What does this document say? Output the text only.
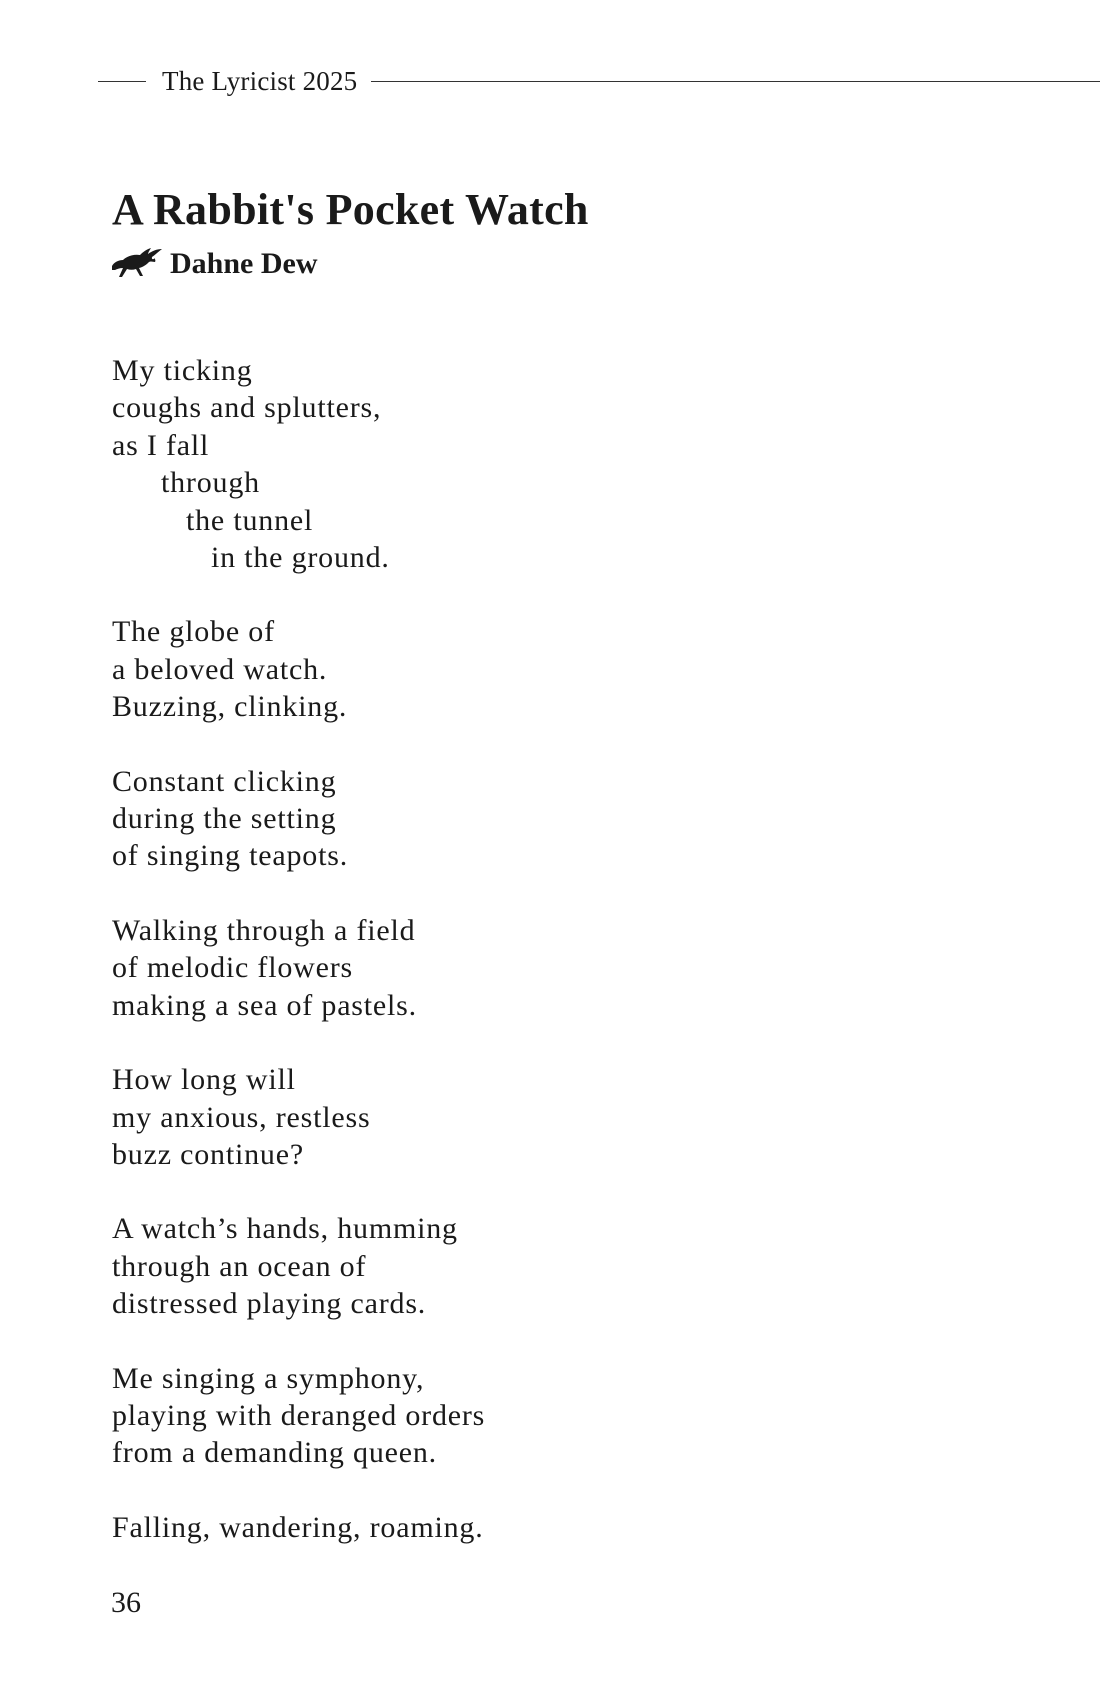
The Lyricist 2025
A Rabbit's Pocket Watch
Dahne Dew
My ticking
coughs and splutters,
as I fall
through
the tunnel
in the ground.
The globe of
a beloved watch.
Buzzing, clinking.
Constant clicking
during the setting
of singing teapots.
Walking through a field
of melodic flowers
making a sea of pastels.
How long will
my anxious, restless
buzz continue?
A watch’s hands, humming
through an ocean of
distressed playing cards.
Me singing a symphony,
playing with deranged orders
from a demanding queen.
Falling, wandering, roaming.
36
